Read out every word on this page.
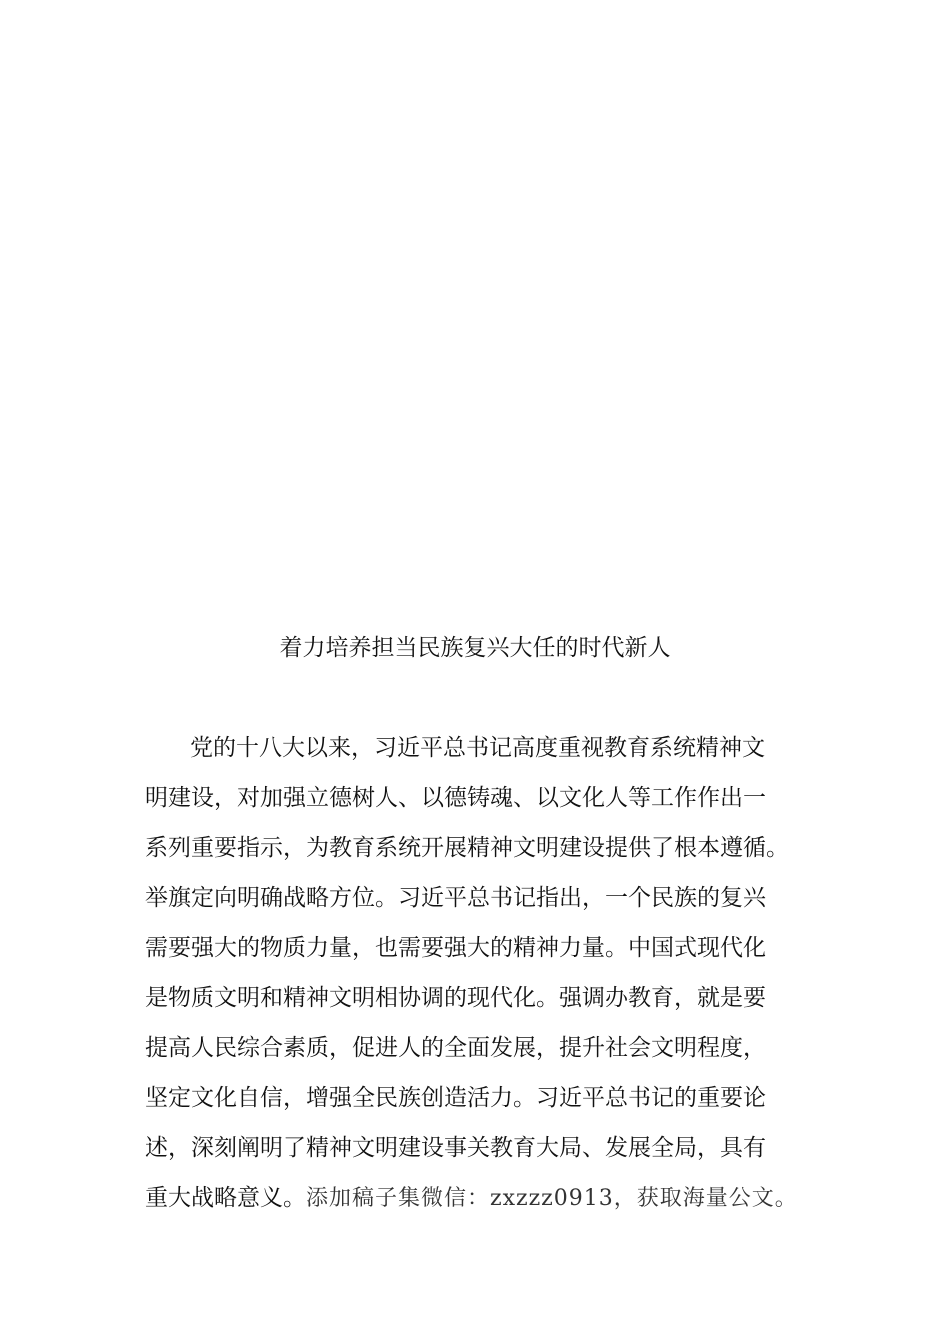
着力培养担当民族复兴大任的时代新人
党的十八大以来，习近平总书记高度重视教育系统精神文
明建设，对加强立德树人、以德铸魂、以文化人等工作作出一
系列重要指示，为教育系统开展精神文明建设提供了根本遵循。
举旗定向明确战略方位。习近平总书记指出，一个民族的复兴
需要强大的物质力量，也需要强大的精神力量。中国式现代化
是物质文明和精神文明相协调的现代化。强调办教育，就是要
提高人民综合素质，促进人的全面发展，提升社会文明程度，
坚定文化自信，增强全民族创造活力。习近平总书记的重要论
述，深刻阐明了精神文明建设事关教育大局、发展全局，具有
重大战略意义。添加稿子集微信：zxzzz0913，获取海量公文。
